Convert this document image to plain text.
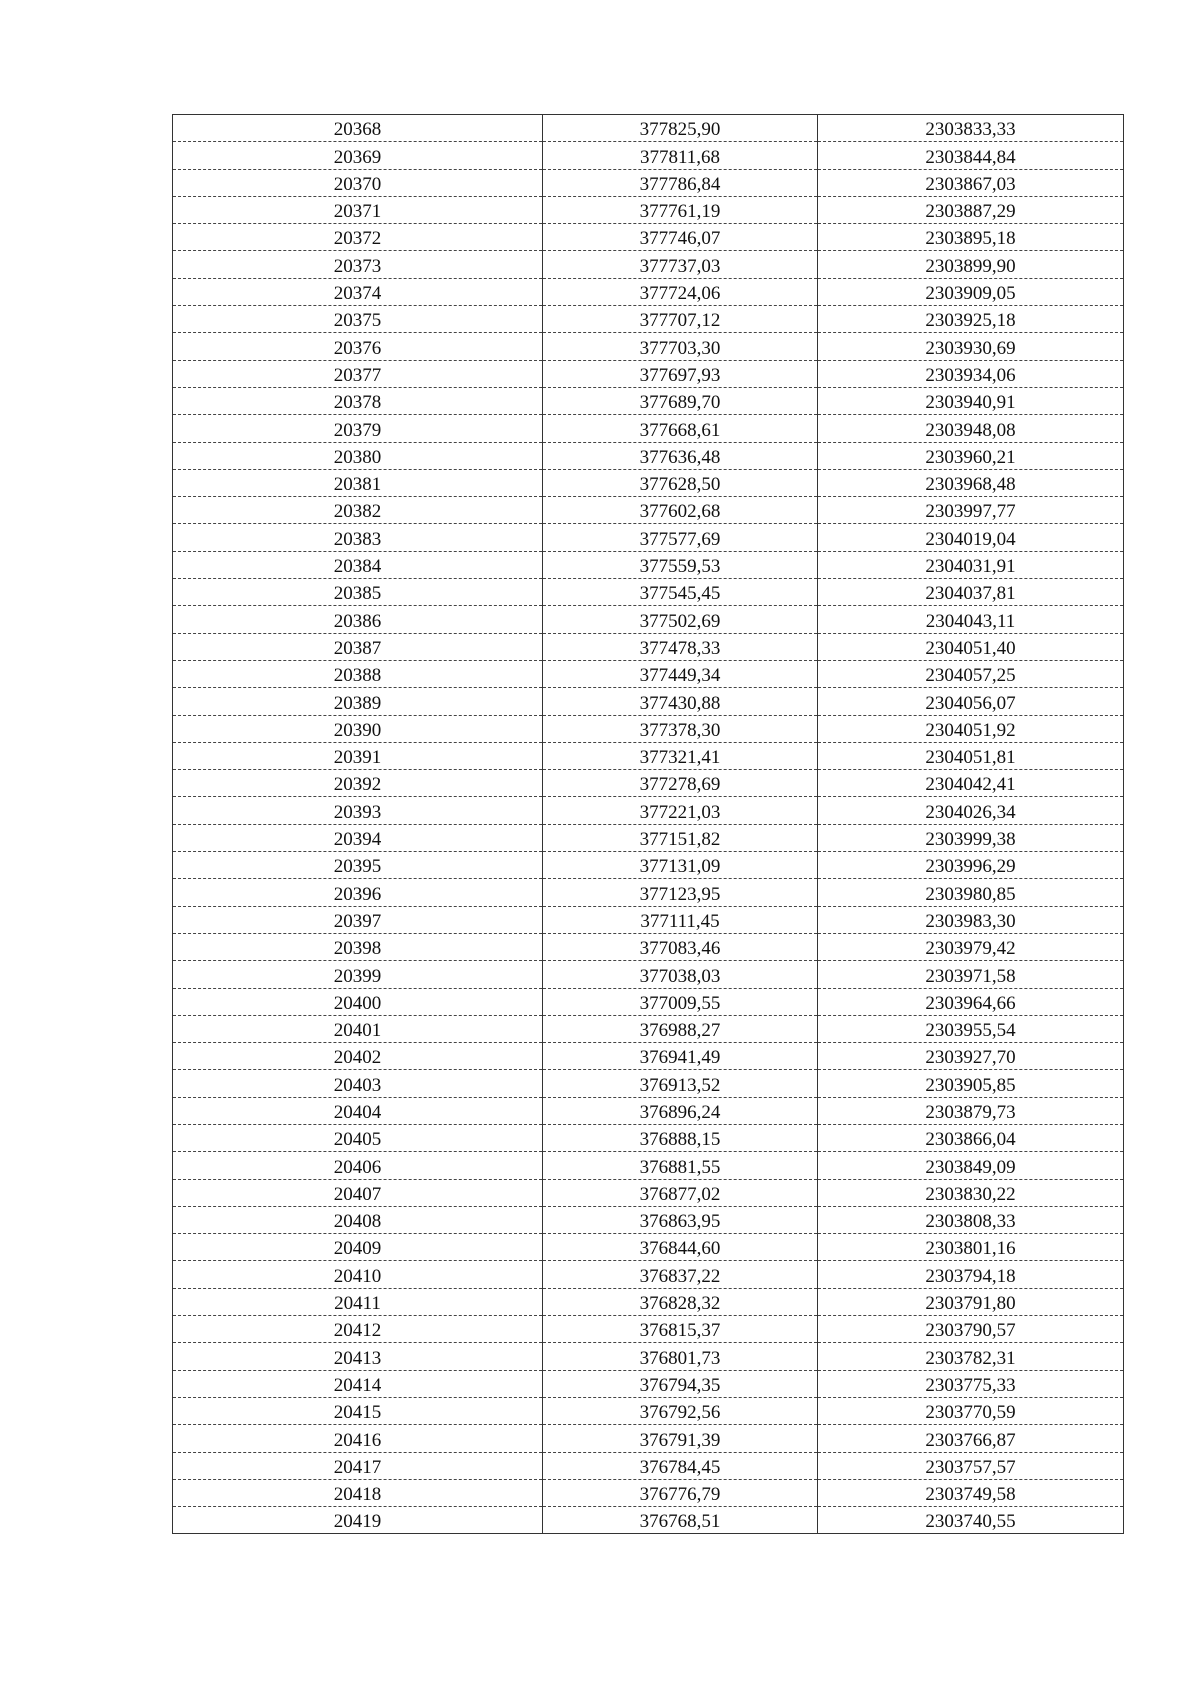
20368	377825,90	2303833,33
20369	377811,68	2303844,84
20370	377786,84	2303867,03
20371	377761,19	2303887,29
20372	377746,07	2303895,18
20373	377737,03	2303899,90
20374	377724,06	2303909,05
20375	377707,12	2303925,18
20376	377703,30	2303930,69
20377	377697,93	2303934,06
20378	377689,70	2303940,91
20379	377668,61	2303948,08
20380	377636,48	2303960,21
20381	377628,50	2303968,48
20382	377602,68	2303997,77
20383	377577,69	2304019,04
20384	377559,53	2304031,91
20385	377545,45	2304037,81
20386	377502,69	2304043,11
20387	377478,33	2304051,40
20388	377449,34	2304057,25
20389	377430,88	2304056,07
20390	377378,30	2304051,92
20391	377321,41	2304051,81
20392	377278,69	2304042,41
20393	377221,03	2304026,34
20394	377151,82	2303999,38
20395	377131,09	2303996,29
20396	377123,95	2303980,85
20397	377111,45	2303983,30
20398	377083,46	2303979,42
20399	377038,03	2303971,58
20400	377009,55	2303964,66
20401	376988,27	2303955,54
20402	376941,49	2303927,70
20403	376913,52	2303905,85
20404	376896,24	2303879,73
20405	376888,15	2303866,04
20406	376881,55	2303849,09
20407	376877,02	2303830,22
20408	376863,95	2303808,33
20409	376844,60	2303801,16
20410	376837,22	2303794,18
20411	376828,32	2303791,80
20412	376815,37	2303790,57
20413	376801,73	2303782,31
20414	376794,35	2303775,33
20415	376792,56	2303770,59
20416	376791,39	2303766,87
20417	376784,45	2303757,57
20418	376776,79	2303749,58
20419	376768,51	2303740,55
